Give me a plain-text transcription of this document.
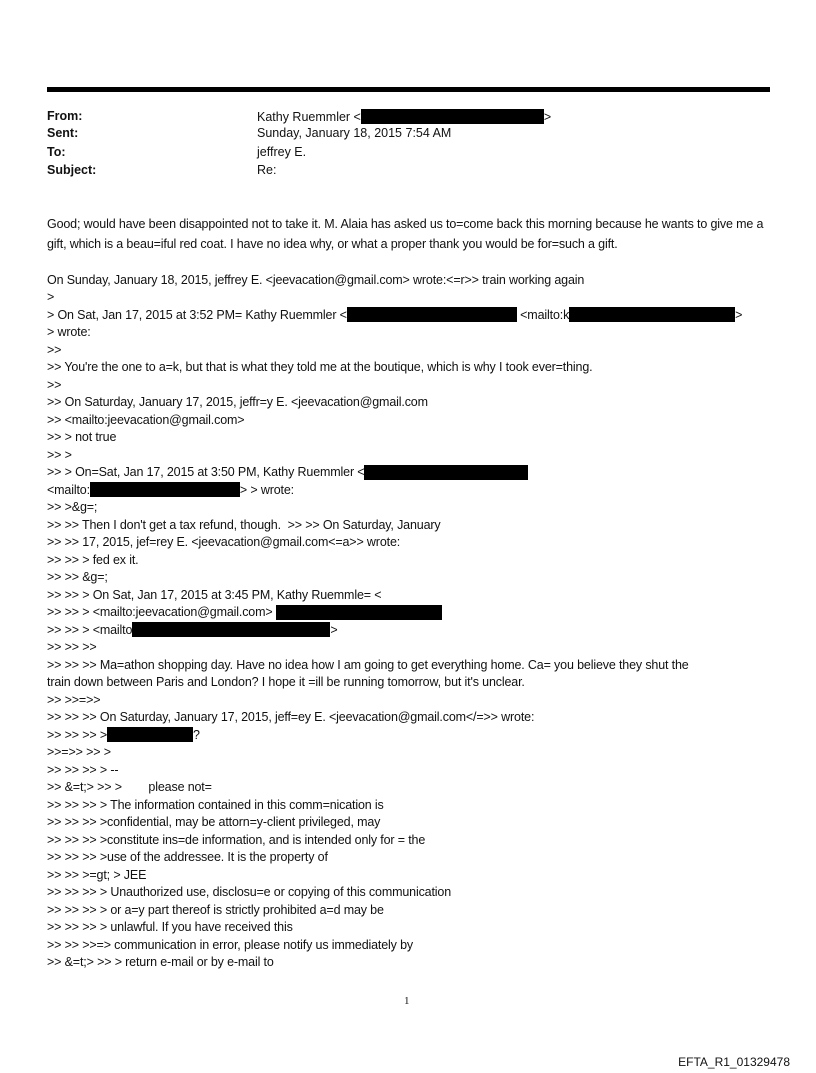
From:	Kathy Ruemmler <	>
Sent:	Sunday, January 18, 2015 7:54 AM
To:	jeffrey E.
Subject:	Re:
Good; would have been disappointed not to take it. M. Alaia has asked us to=come back this morning because he wants to give me a gift, which is a beau=iful red coat. I have no idea why, or what a proper thank you would be for=such a gift.
On Sunday, January 18, 2015, jeffrey E. <jeevacation@gmail.com> wrote:<=r>> train working again
>
> On Sat, Jan 17, 2015 at 3:52 PM= Kathy Ruemmler <	<mailto:k	>
> wrote:
>>
>> You're the one to a=k, but that is what they told me at the boutique, which is why I took ever=thing.
>>
>> On Saturday, January 17, 2015, jeffr=y E. <jeevacation@gmail.com
>> <mailto:jeevacation@gmail.com>
>> > not true
>> >
>> > On=Sat, Jan 17, 2015 at 3:50 PM, Kathy Ruemmler <
<mailto:	> > wrote:
>> >&g=;
>> >> Then I don't get a tax refund, though.  >> >> On Saturday, January
>> >> 17, 2015, jef=rey E. <jeevacation@gmail.com<=a>> wrote:
>> >> > fed ex it.
>> >> &g=;
>> >> > On Sat, Jan 17, 2015 at 3:45 PM, Kathy Ruemmle= <
>> >> > <mailto:jeevacation@gmail.com>
>> >> > <mailto	>
>> >> >>
>> >> >> Ma=athon shopping day. Have no idea how I am going to get everything home. Ca= you believe they shut the
train down between Paris and London? I hope it =ill be running tomorrow, but it's unclear.
>> >>=>>
>> >> >> On Saturday, January 17, 2015, jeff=ey E. <jeevacation@gmail.com</=>> wrote:
>> >> >> >	?
>>=>> >> >
>> >> >> > --
>> &=t;> >> >        please not=
>> >> >> > The information contained in this comm=nication is
>> >> >> >confidential, may be attorn=y-client privileged, may
>> >> >> >constitute ins=de information, and is intended only for = the
>> >> >> >use of the addressee. It is the property of
>> >> >=gt; > JEE
>> >> >> > Unauthorized use, disclosu=e or copying of this communication
>> >> >> > or a=y part thereof is strictly prohibited a=d may be
>> >> >> > unlawful. If you have received this
>> >> >>=> communication in error, please notify us immediately by
>> &=t;> >> > return e-mail or by e-mail to
1
EFTA_R1_01329478
